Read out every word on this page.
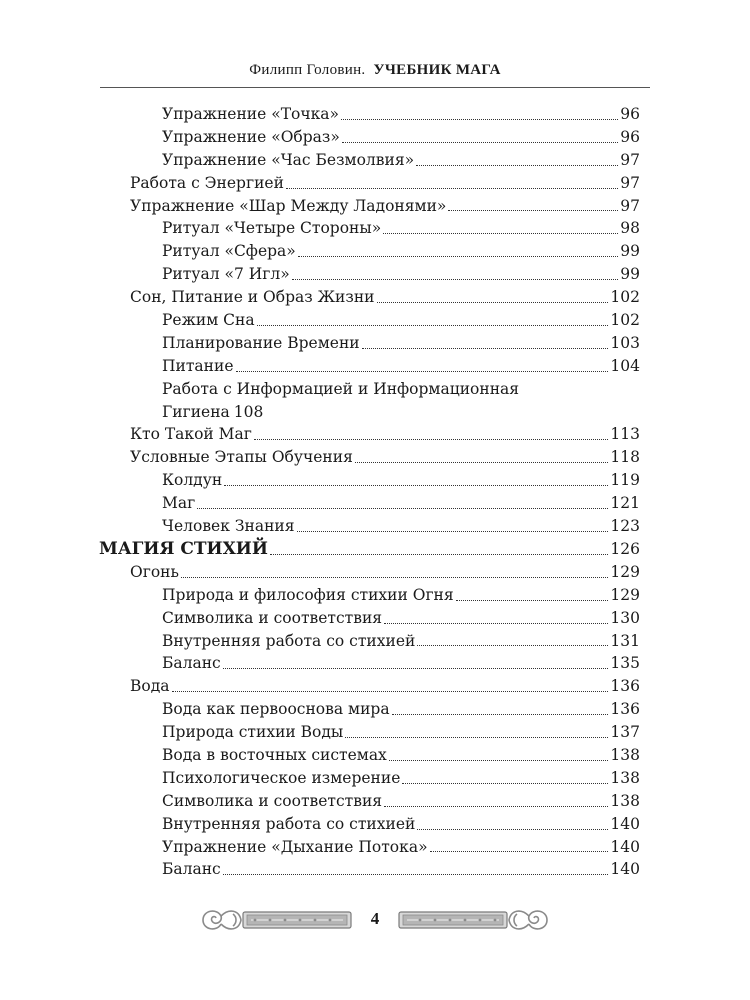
Филипп Головин. УЧЕБНИК МАГА
Упражнение «Точка»	96
Упражнение «Образ»	96
Упражнение «Час Безмолвия»	97
Работа с Энергией	97
Упражнение «Шар Между Ладонями»	97
Ритуал «Четыре Стороны»	98
Ритуал «Сфера»	99
Ритуал «7 Игл»	99
Сон, Питание и Образ Жизни	102
Режим Сна	102
Планирование Времени	103
Питание	104
Работа с Информацией и Информационная
Гигиена 108
Кто Такой Маг	113
Условные Этапы Обучения	118
Колдун	119
Маг	121
Человек Знания	123
МАГИЯ СТИХИЙ	126
Огонь	129
Природа и философия стихии Огня	129
Символика и соответствия	130
Внутренняя работа со стихией	131
Баланс	135
Вода	136
Вода как первооснова мира	136
Природа стихии Воды	137
Вода в восточных системах	138
Психологическое измерение	138
Символика и соответствия	138
Внутренняя работа со стихией	140
Упражнение «Дыхание Потока»	140
Баланс	140
4
